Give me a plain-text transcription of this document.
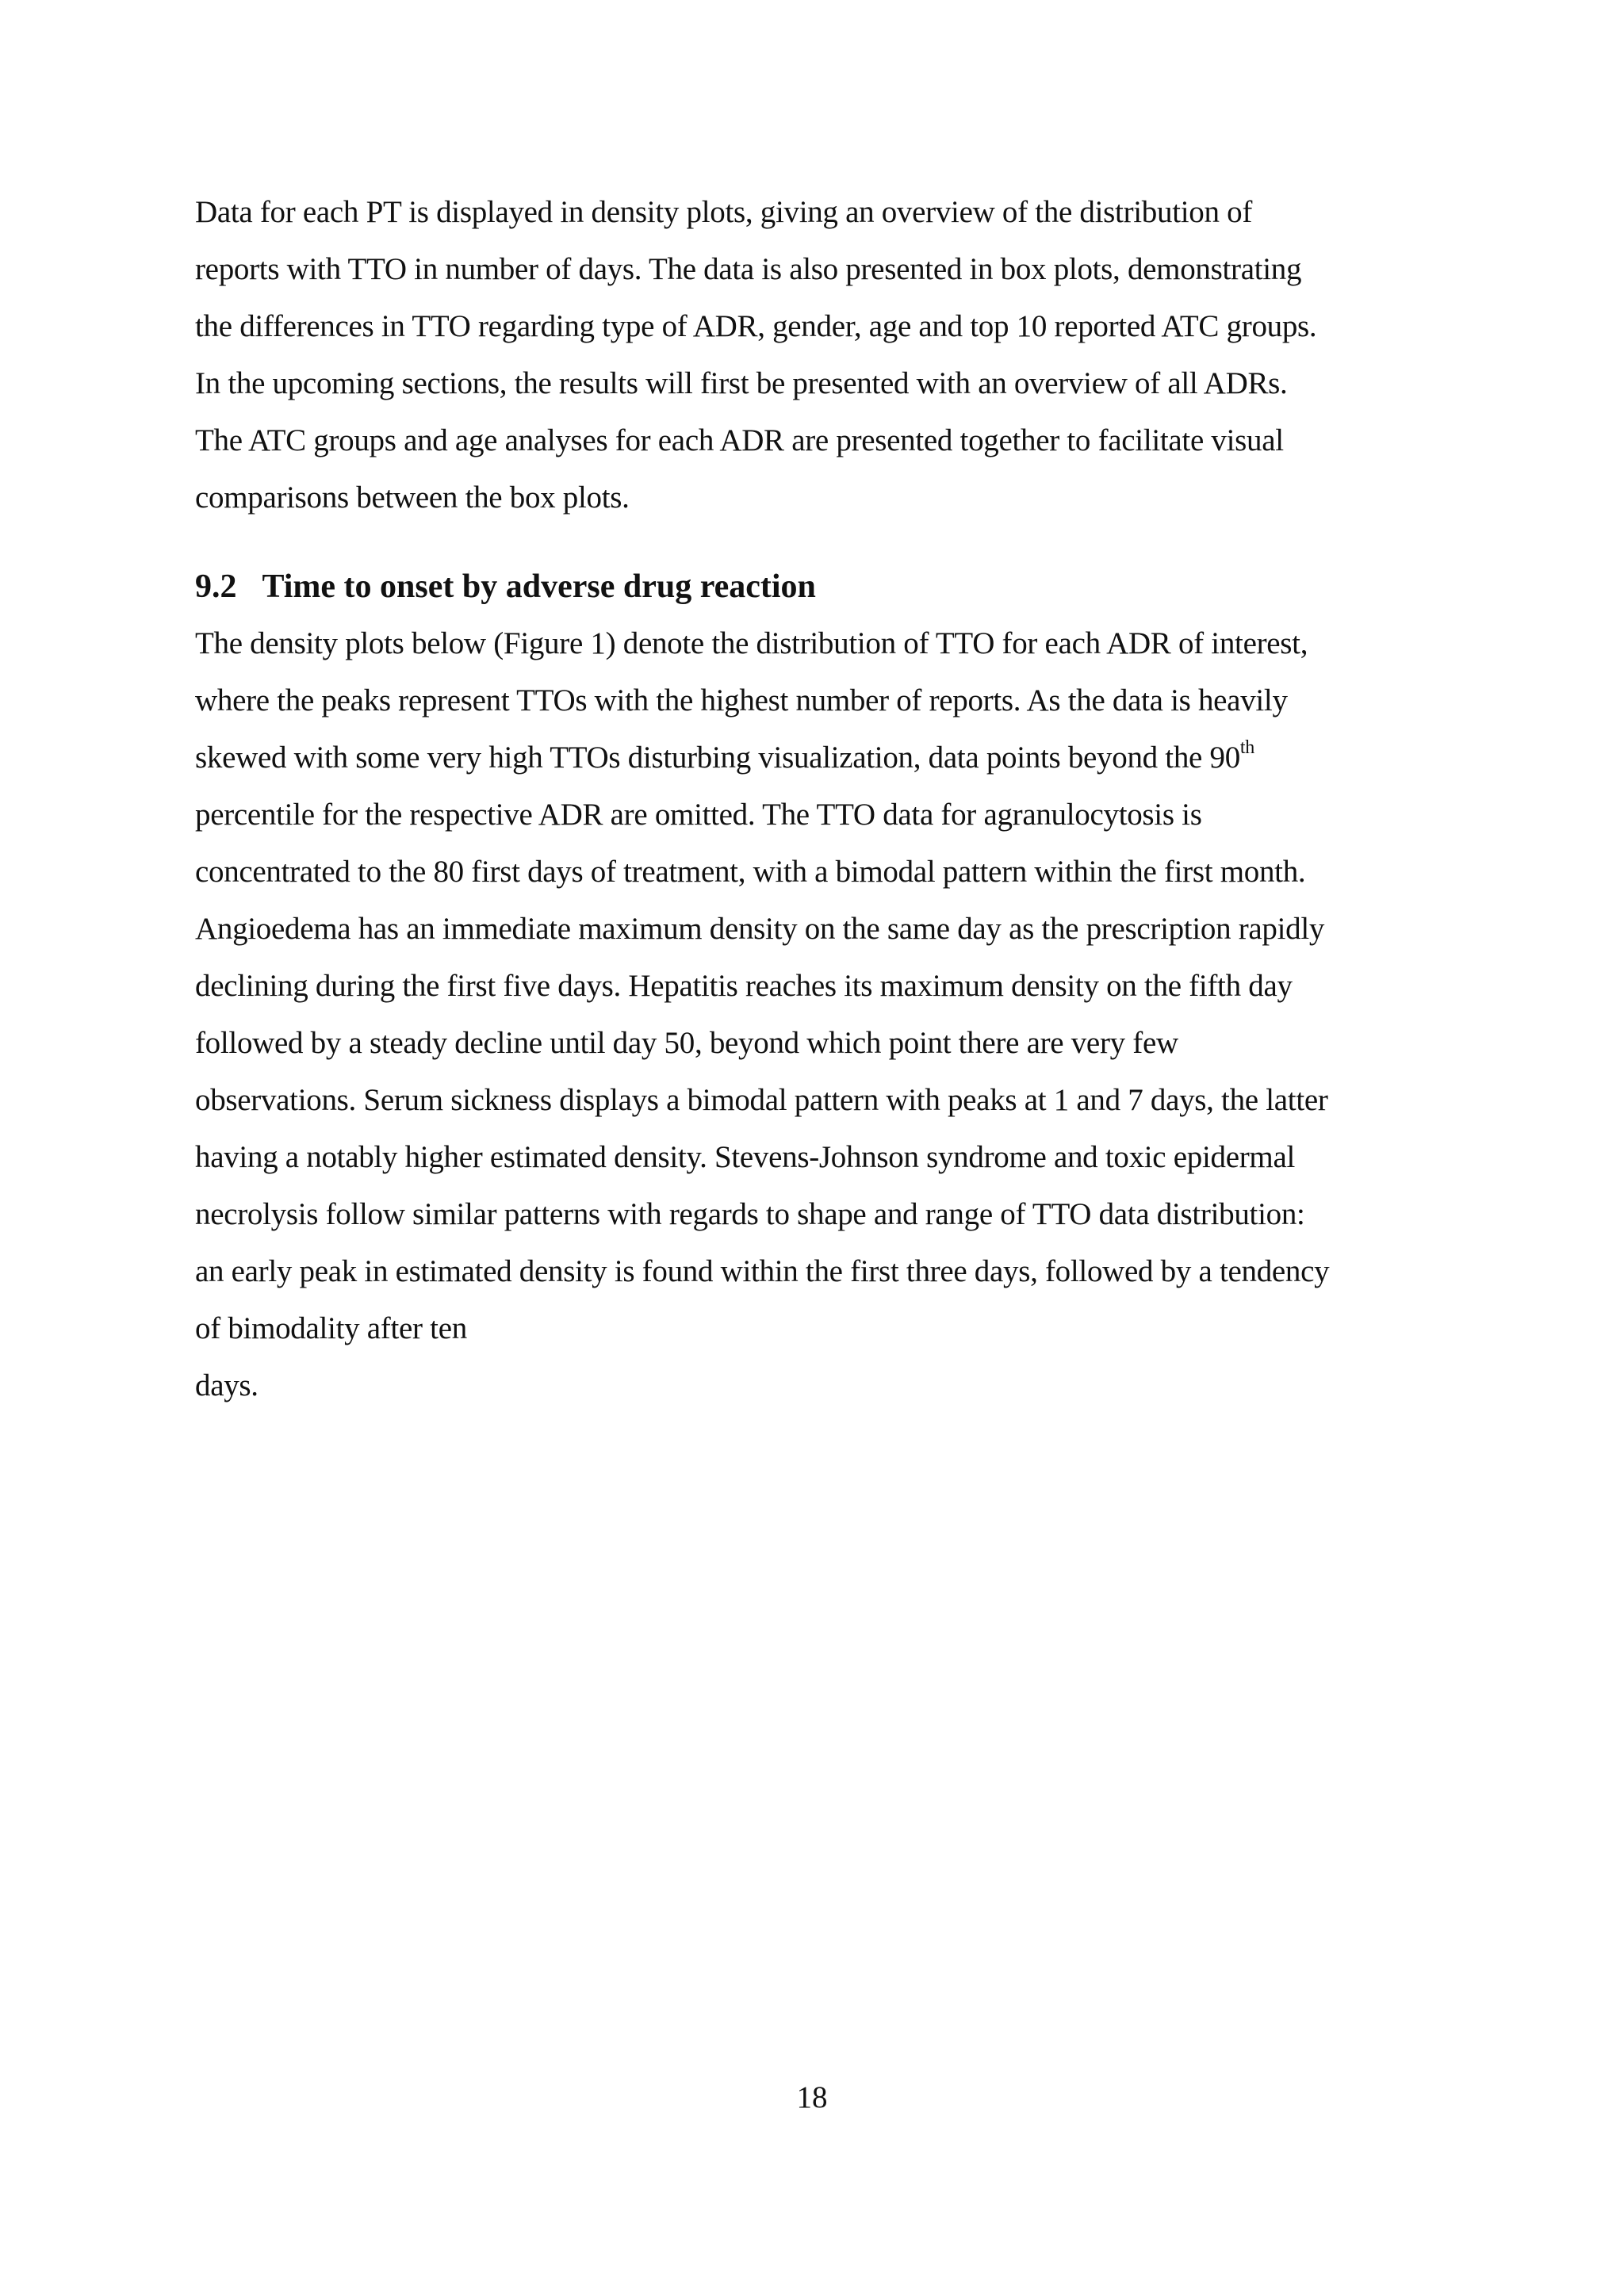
Data for each PT is displayed in density plots, giving an overview of the distribution of
reports with TTO in number of days. The data is also presented in box plots, demonstrating
the differences in TTO regarding type of ADR, gender, age and top 10 reported ATC groups.
In the upcoming sections, the results will first be presented with an overview of all ADRs.
The ATC groups and age analyses for each ADR are presented together to facilitate visual
comparisons between the box plots.
9.2 Time to onset by adverse drug reaction
The density plots below (Figure 1) denote the distribution of TTO for each ADR of interest,
where the peaks represent TTOs with the highest number of reports. As the data is heavily
skewed with some very high TTOs disturbing visualization, data points beyond the 90th
percentile for the respective ADR are omitted. The TTO data for agranulocytosis is
concentrated to the 80 first days of treatment, with a bimodal pattern within the first month.
Angioedema has an immediate maximum density on the same day as the prescription rapidly
declining during the first five days. Hepatitis reaches its maximum density on the fifth day
followed by a steady decline until day 50, beyond which point there are very few
observations. Serum sickness displays a bimodal pattern with peaks at 1 and 7 days, the latter
having a notably higher estimated density. Stevens-Johnson syndrome and toxic epidermal
necrolysis follow similar patterns with regards to shape and range of TTO data distribution:
an early peak in estimated density is found within the first three days, followed by a tendency
of bimodality after ten
days.
18
